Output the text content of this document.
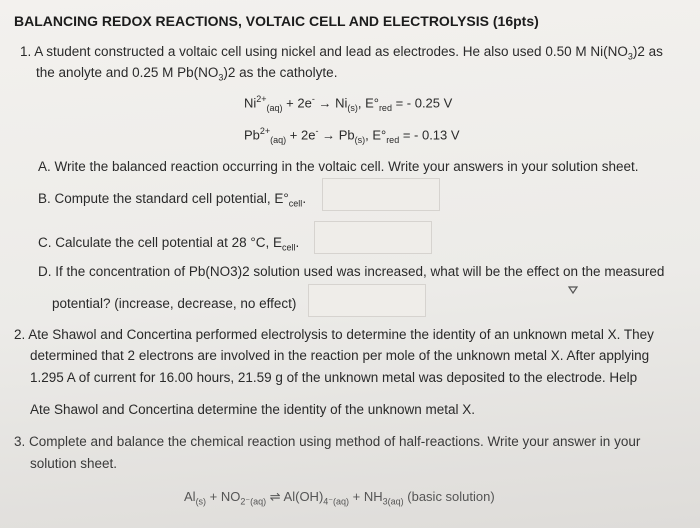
BALANCING REDOX REACTIONS, VOLTAIC CELL AND ELECTROLYSIS (16pts)
1. A student constructed a voltaic cell using nickel and lead as electrodes. He also used 0.50 M $Ni(NO_3)2$ as
the anolyte and 0.25 M $Pb(NO_3)2$ as the catholyte.
$Ni^{2+}_{(aq)} + 2e^- \to Ni_{(s)}$, $E^\circ_{red}$ = - 0.25 V
$Pb^{2+}_{(aq)} + 2e^- \to Pb_{(s)}$, $E^\circ_{red}$ = - 0.13 V
A. Write the balanced reaction occurring in the voltaic cell. Write your answers in your solution sheet.
B. Compute the standard cell potential, $E^\circ_{cell}$.
C. Calculate the cell potential at 28 °C, $E_{cell}$.
D. If the concentration of Pb(NO3)2 solution used was increased, what will be the effect on the measured
potential? (increase, decrease, no effect)
2. Ate Shawol and Concertina performed electrolysis to determine the identity of an unknown metal X. They
determined that 2 electrons are involved in the reaction per mole of the unknown metal X. After applying
1.295 A of current for 16.00 hours, 21.59 g of the unknown metal was deposited to the electrode. Help
Ate Shawol and Concertina determine the identity of the unknown metal X.
3. Complete and balance the chemical reaction using method of half-reactions. Write your answer in your
solution sheet.
$Al_{(s)} + NO_{2^-(aq)}$ ⇌ $Al(OH)_{4^-(aq)} + NH_{3(aq)}$ (basic solution)
